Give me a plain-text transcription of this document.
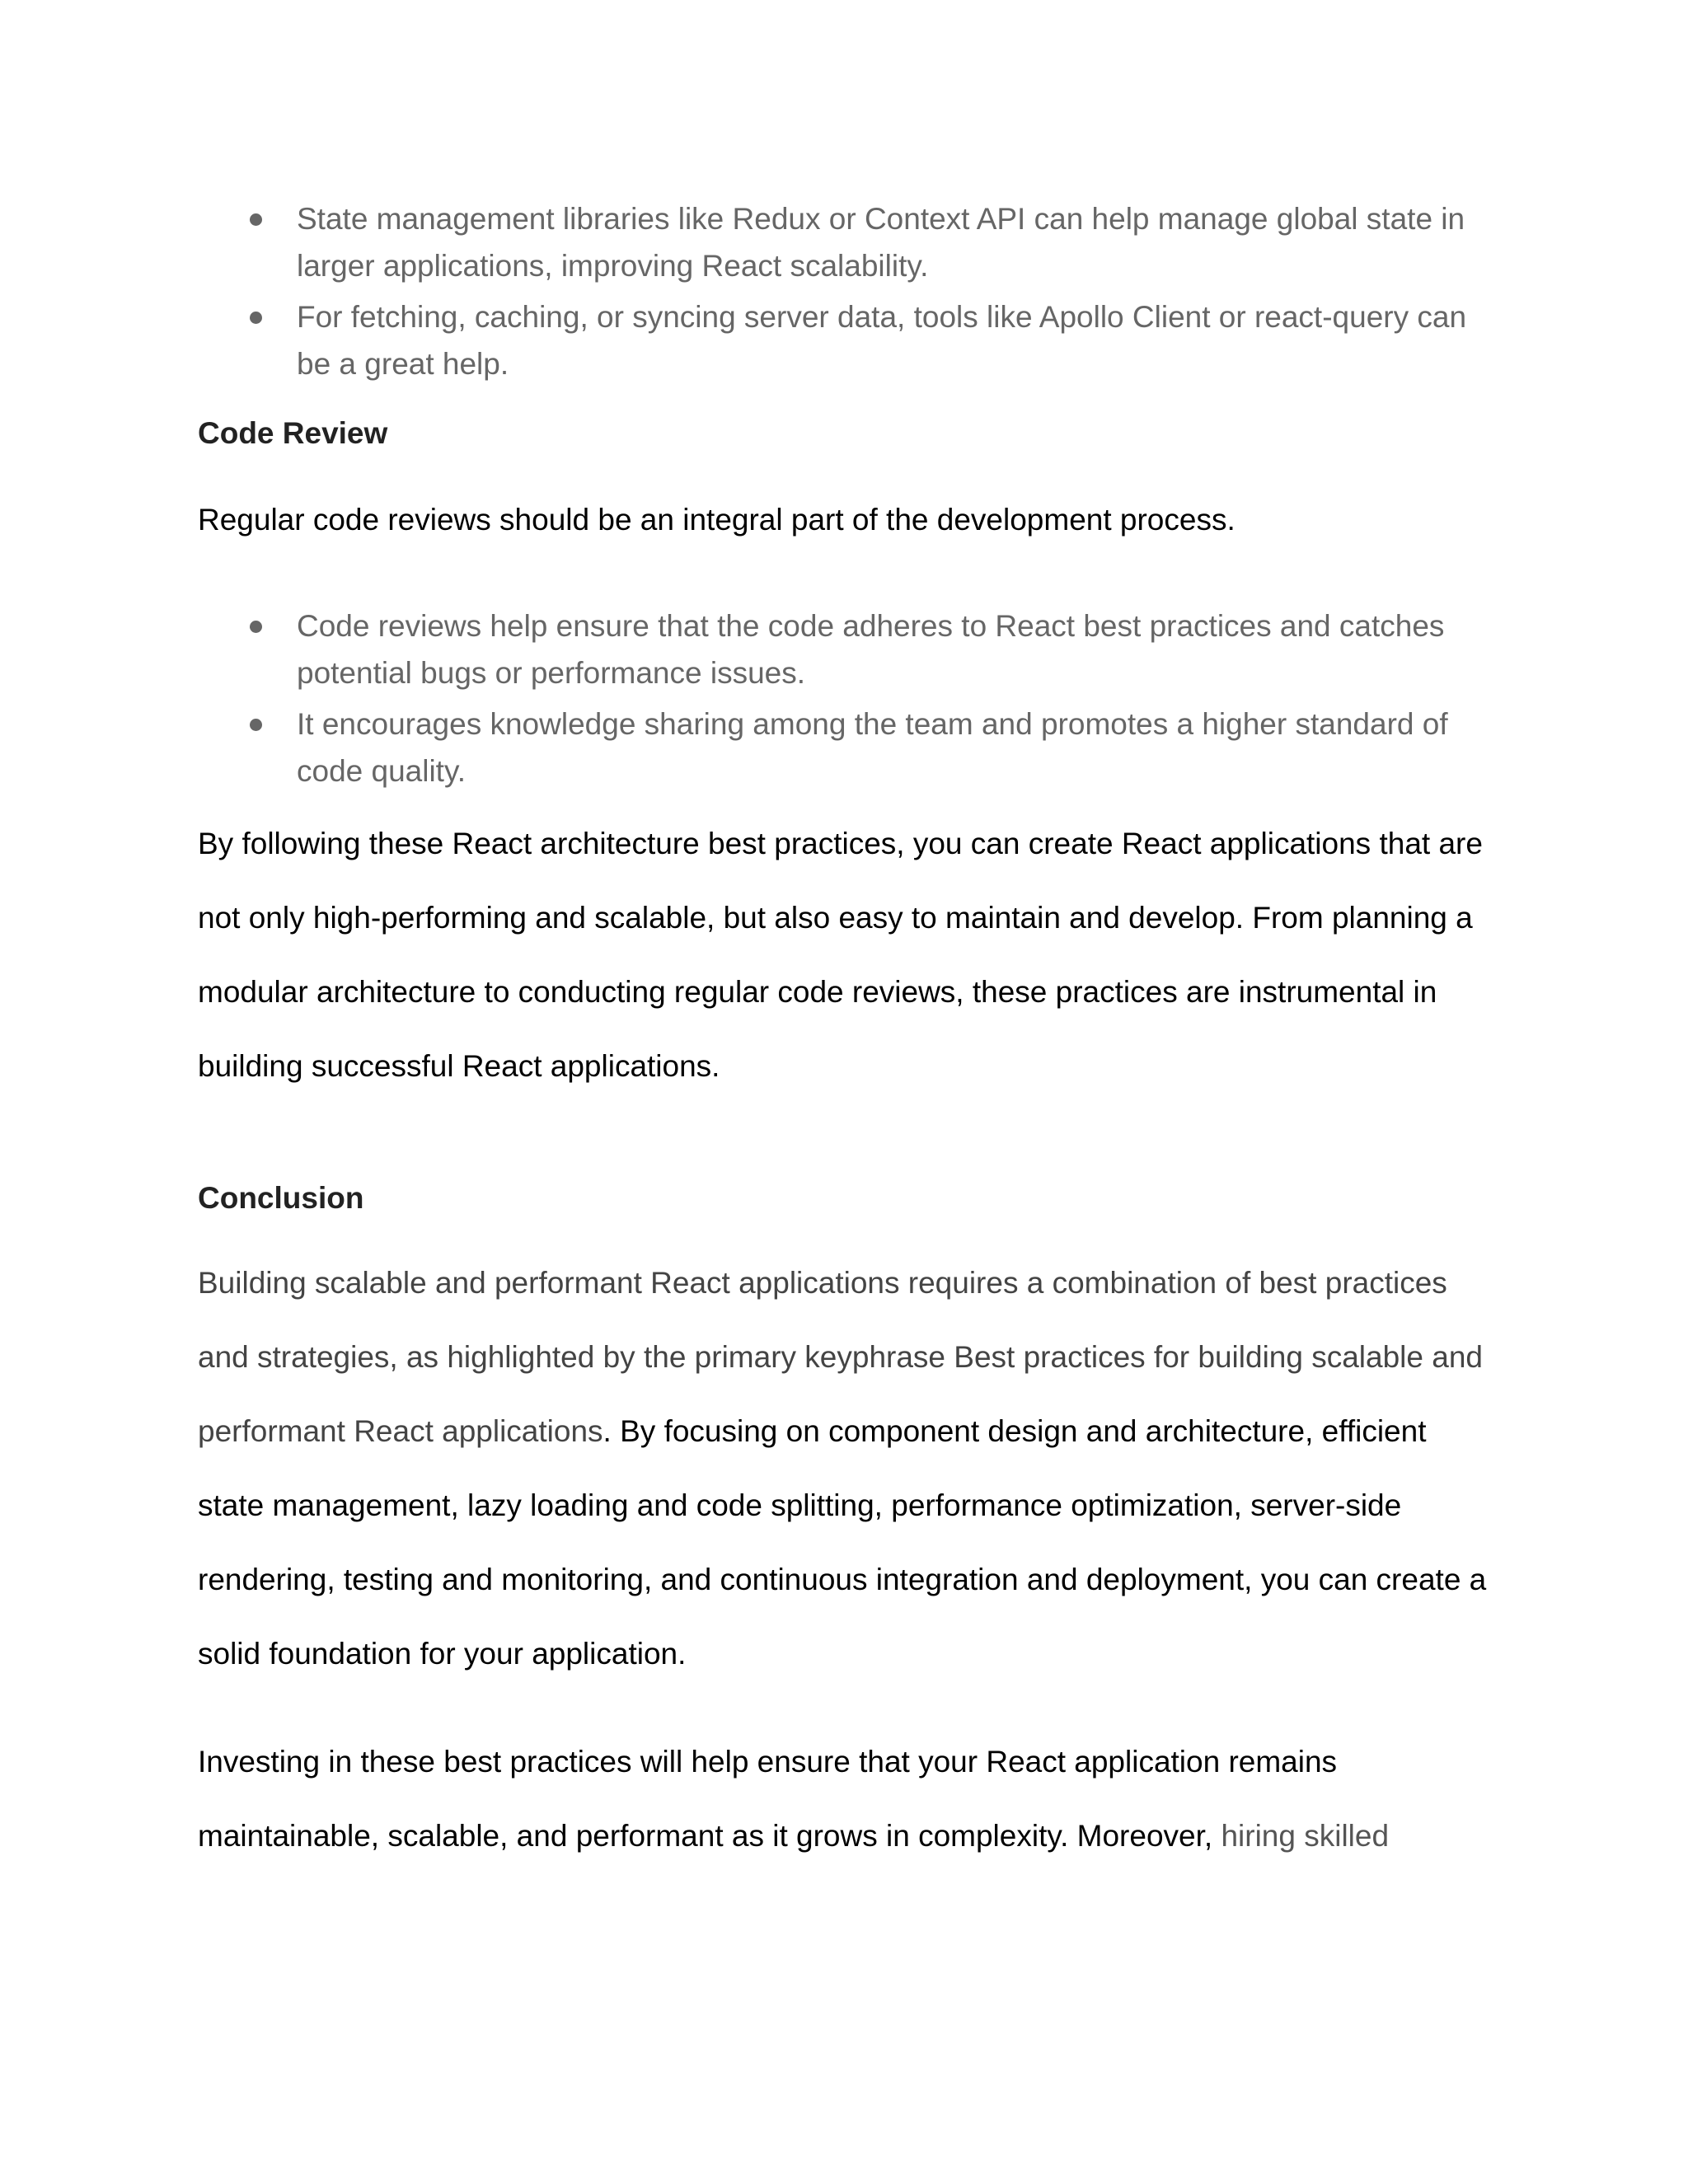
State management libraries like Redux or Context API can help manage global state in larger applications, improving React scalability.
For fetching, caching, or syncing server data, tools like Apollo Client or react-query can be a great help.
Code Review

Regular code reviews should be an integral part of the development process.

Code reviews help ensure that the code adheres to React best practices and catches potential bugs or performance issues.
It encourages knowledge sharing among the team and promotes a higher standard of code quality.

By following these React architecture best practices, you can create React applications that are not only high-performing and scalable, but also easy to maintain and develop. From planning a modular architecture to conducting regular code reviews, these practices are instrumental in building successful React applications.

Conclusion

Building scalable and performant React applications requires a combination of best practices and strategies, as highlighted by the primary keyphrase Best practices for building scalable and performant React applications. By focusing on component design and architecture, efficient state management, lazy loading and code splitting, performance optimization, server-side rendering, testing and monitoring, and continuous integration and deployment, you can create a solid foundation for your application.

Investing in these best practices will help ensure that your React application remains maintainable, scalable, and performant as it grows in complexity. Moreover, hiring skilled
